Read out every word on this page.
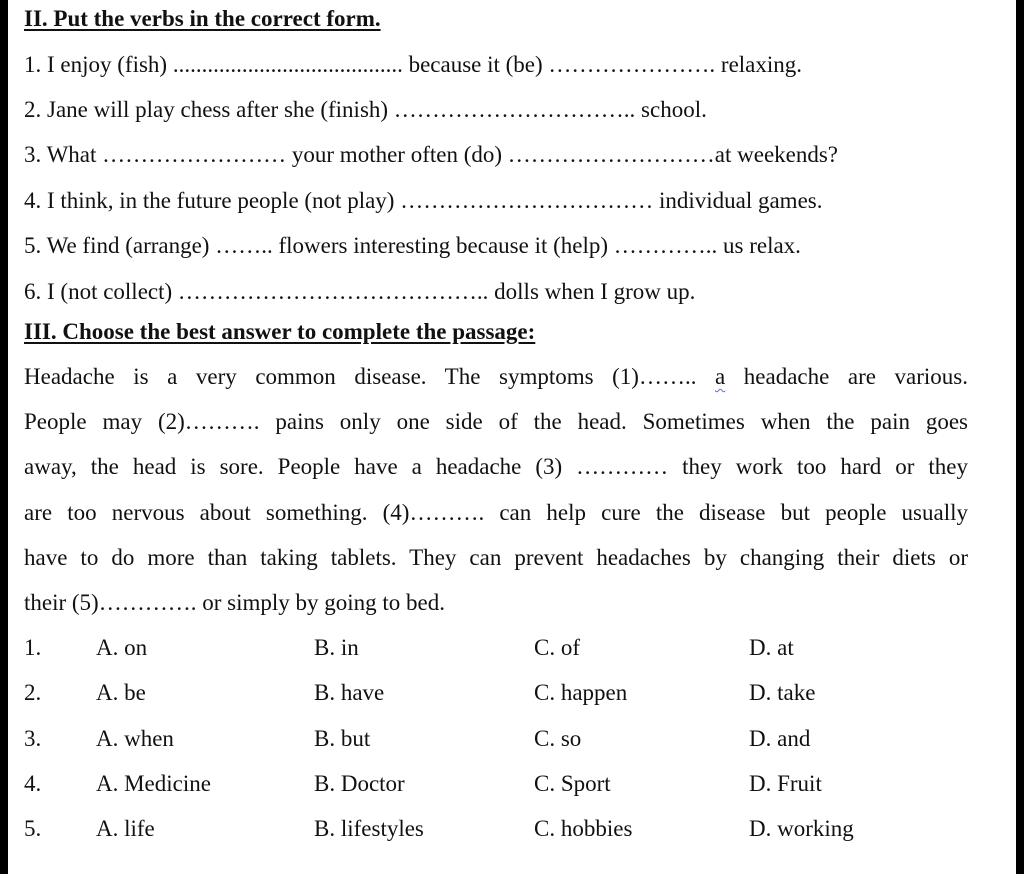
II. Put the verbs in the correct form.
1. I enjoy (fish) ........................................ because it (be) …………………. relaxing.
2. Jane will play chess after she (finish) ………………………….. school.
3. What …………………… your mother often (do) ………………………at weekends?
4. I think, in the future people (not play) …………………………… individual games.
5. We find (arrange) …….. flowers interesting because it (help) ………….. us relax.
6. I (not collect) ………………………………….. dolls when I grow up.
III. Choose the best answer to complete the passage:
Headache is a very common disease. The symptoms (1)…….. a headache are various.
People may (2)………. pains only one side of the head. Sometimes when the pain goes
away, the head is sore. People have a headache (3) ………… they work too hard or they
are too nervous about something. (4)………. can help cure the disease but people usually
have to do more than taking tablets. They can prevent headaches by changing their diets or
their (5)…………. or simply by going to bed.
1. A. on	B. in	C. of	D. at
2. A. be	B. have	C. happen	D. take
3. A. when	B. but	C. so	D. and
4. A. Medicine	B. Doctor	C. Sport	D. Fruit
5. A. life	B. lifestyles	C. hobbies	D. working
